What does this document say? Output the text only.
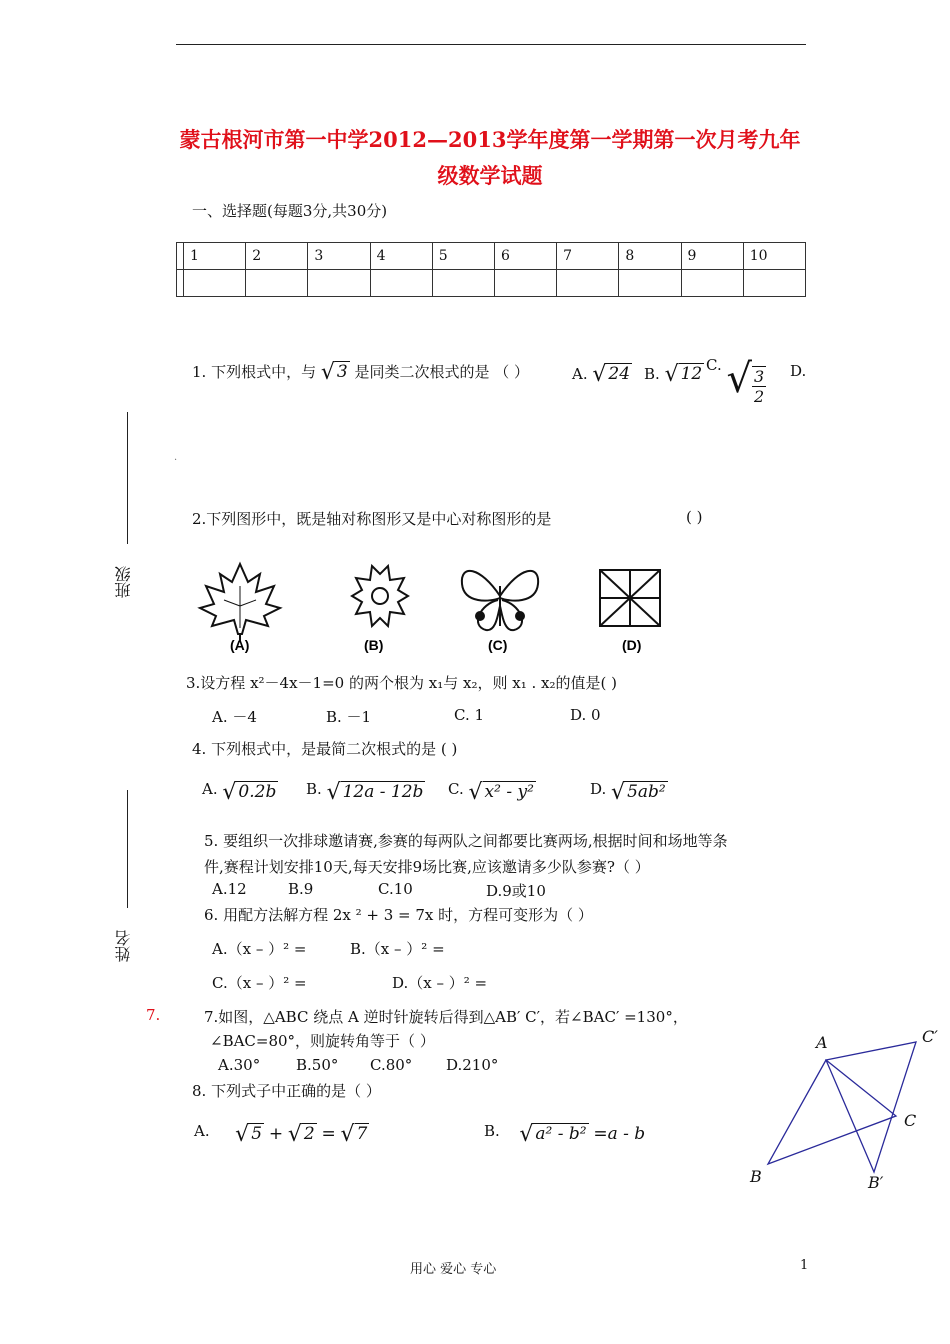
蒙古根河市第一中学2012—2013学年度第一学期第一次月考九年
级数学试题
一、选择题(每题3分,共30分)
	1	2	3	4	5	6	7	8	9	10

班级
姓名
1. 下列根式中，与 √ 3 是同类二次根式的是 （ ）	A. √ 24 B. √ 12 C. √ $\frac{3}{2} D$.
·
2.下列图形中，既是轴对称图形又是中心对称图形的是	( )
(A)	(B)	(C)	(D)
3.设方程 x²－4x－1=0 的两个根为 x₁与 x₂，则 x₁ . x₂的值是( )
A. －4	B. －1	C. 1	D. 0
4. 下列根式中，是最简二次根式的是 ( )
A. √ 0.2b B. √ 12a - 12b C. √ x² - y²	D. √ 5ab²
5. 要组织一次排球邀请赛,参赛的每两队之间都要比赛两场,根据时间和场地等条
件,赛程计划安排10天,每天安排9场比赛,应该邀请多少队参赛?（ ）
A.12	B.9	C.10	D.9或10
6. 用配方法解方程 2x ² + 3 = 7x 时，方程可变形为（ ）
A.（x – ）² =	B.（x – ）² =
C.（x – ）² =	D.（x – ）² =
7.	7.如图，△ABC 绕点 A 逆时针旋转后得到△AB′ C′，若∠BAC′ =130°，
∠BAC=80°，则旋转角等于（ ）
A.30° B.50° C.80° D.210°
A
B
C
B′
C′
8. 下列式子中正确的是（ ）
A. √ 5 + √ 2 = √ 7	B. √ a² - b² =a - b
用心 爱心 专心	1
